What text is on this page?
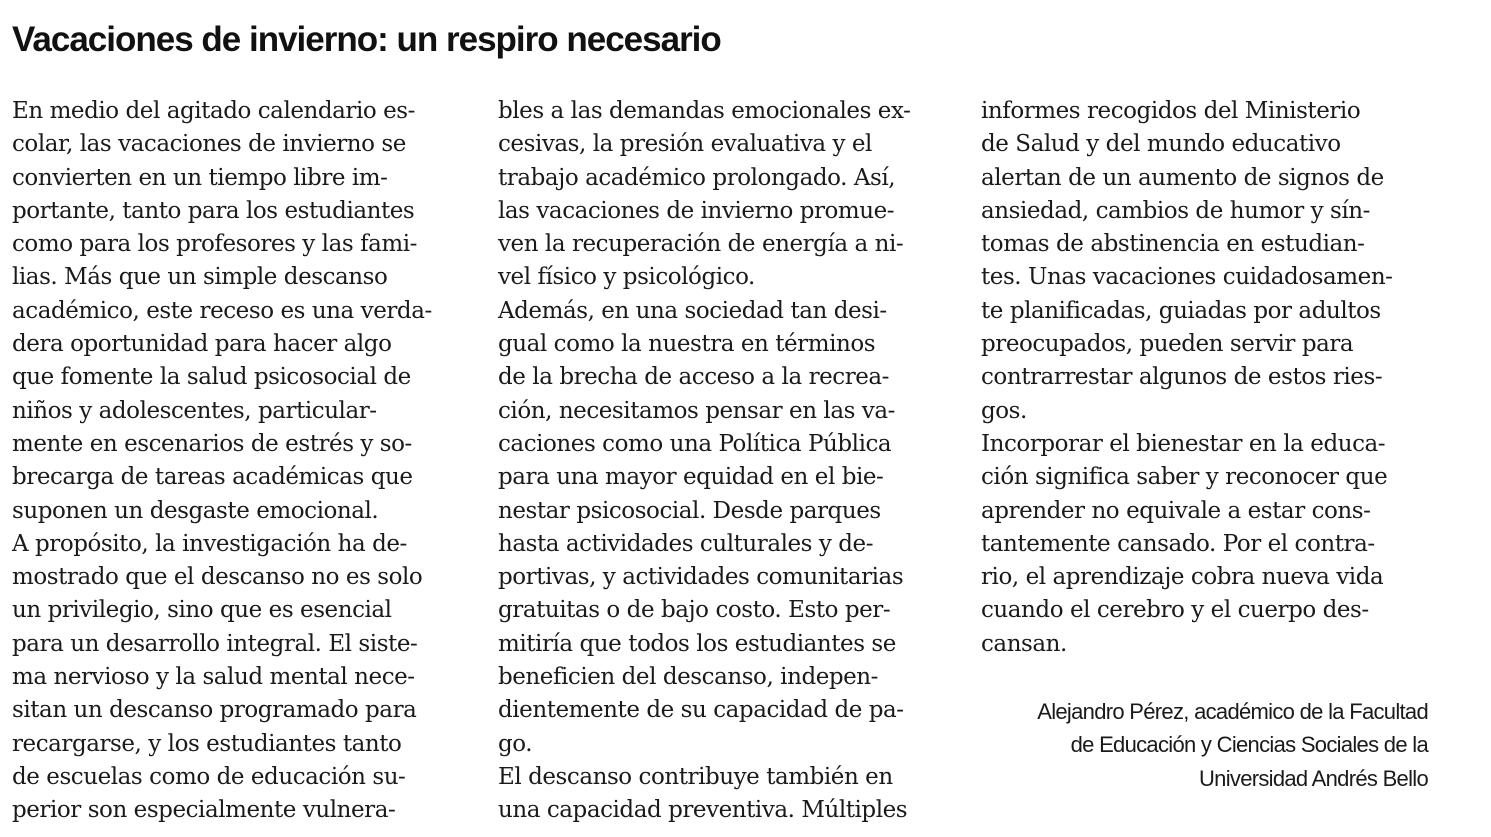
Vacaciones de invierno: un respiro necesario
En medio del agitado calendario es-
colar, las vacaciones de invierno se
convierten en un tiempo libre im-
portante, tanto para los estudiantes
como para los profesores y las fami-
lias. Más que un simple descanso
académico, este receso es una verda-
dera oportunidad para hacer algo
que fomente la salud psicosocial de
niños y adolescentes, particular-
mente en escenarios de estrés y so-
brecarga de tareas académicas que
suponen un desgaste emocional.
A propósito, la investigación ha de-
mostrado que el descanso no es solo
un privilegio, sino que es esencial
para un desarrollo integral. El siste-
ma nervioso y la salud mental nece-
sitan un descanso programado para
recargarse, y los estudiantes tanto
de escuelas como de educación su-
perior son especialmente vulnera-
bles a las demandas emocionales ex-
cesivas, la presión evaluativa y el
trabajo académico prolongado. Así,
las vacaciones de invierno promue-
ven la recuperación de energía a ni-
vel físico y psicológico.
Además, en una sociedad tan desi-
gual como la nuestra en términos
de la brecha de acceso a la recrea-
ción, necesitamos pensar en las va-
caciones como una Política Pública
para una mayor equidad en el bie-
nestar psicosocial. Desde parques
hasta actividades culturales y de-
portivas, y actividades comunitarias
gratuitas o de bajo costo. Esto per-
mitiría que todos los estudiantes se
beneficien del descanso, indepen-
dientemente de su capacidad de pa-
go.
El descanso contribuye también en
una capacidad preventiva. Múltiples
informes recogidos del Ministerio
de Salud y del mundo educativo
alertan de un aumento de signos de
ansiedad, cambios de humor y sín-
tomas de abstinencia en estudian-
tes. Unas vacaciones cuidadosamen-
te planificadas, guiadas por adultos
preocupados, pueden servir para
contrarrestar algunos de estos ries-
gos.
Incorporar el bienestar en la educa-
ción significa saber y reconocer que
aprender no equivale a estar cons-
tantemente cansado. Por el contra-
rio, el aprendizaje cobra nueva vida
cuando el cerebro y el cuerpo des-
cansan.
Alejandro Pérez, académico de la Facultad
de Educación y Ciencias Sociales de la
Universidad Andrés Bello
